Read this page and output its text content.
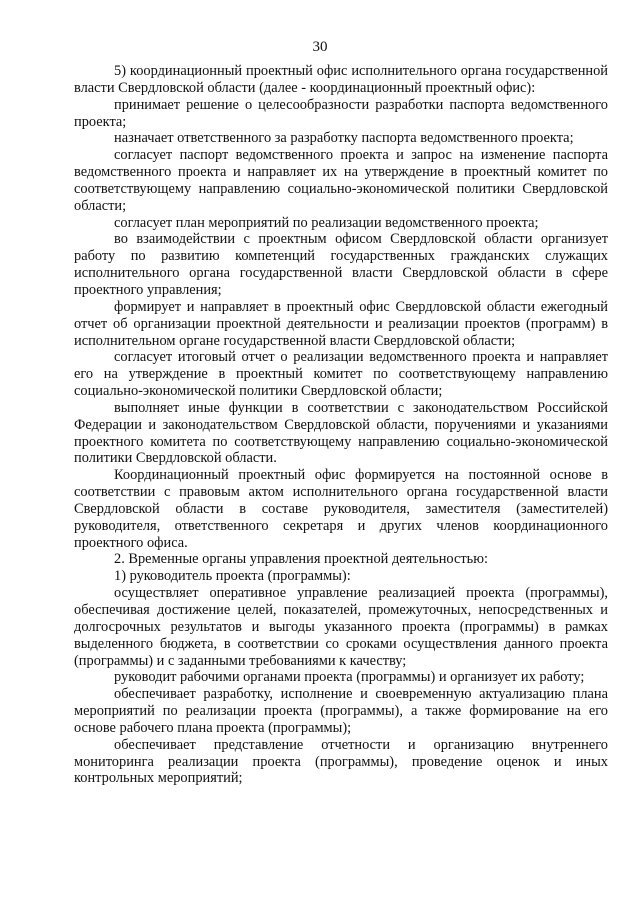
30

5) координационный проектный офис исполнительного органа государственной власти Свердловской области (далее - координационный проектный офис):

принимает решение о целесообразности разработки паспорта ведомственного проекта;

назначает ответственного за разработку паспорта ведомственного проекта;

согласует паспорт ведомственного проекта и запрос на изменение паспорта ведомственного проекта и направляет их на утверждение в проектный комитет по соответствующему направлению социально-экономической политики Свердловской области;

согласует план мероприятий по реализации ведомственного проекта;

во взаимодействии с проектным офисом Свердловской области организует работу по развитию компетенций государственных гражданских служащих исполнительного органа государственной власти Свердловской области в сфере проектного управления;

формирует и направляет в проектный офис Свердловской области ежегодный отчет об организации проектной деятельности и реализации проектов (программ) в исполнительном органе государственной власти Свердловской области;

согласует итоговый отчет о реализации ведомственного проекта и направляет его на утверждение в проектный комитет по соответствующему направлению социально-экономической политики Свердловской области;

выполняет иные функции в соответствии с законодательством Российской Федерации и законодательством Свердловской области, поручениями и указаниями проектного комитета по соответствующему направлению социально-экономической политики Свердловской области.

Координационный проектный офис формируется на постоянной основе в соответствии с правовым актом исполнительного органа государственной власти Свердловской области в составе руководителя, заместителя (заместителей) руководителя, ответственного секретаря и других членов координационного проектного офиса.

2. Временные органы управления проектной деятельностью:

1) руководитель проекта (программы):

осуществляет оперативное управление реализацией проекта (программы), обеспечивая достижение целей, показателей, промежуточных, непосредственных и долгосрочных результатов и выгоды указанного проекта (программы) в рамках выделенного бюджета, в соответствии со сроками осуществления данного проекта (программы) и с заданными требованиями к качеству;

руководит рабочими органами проекта (программы) и организует их работу;

обеспечивает разработку, исполнение и своевременную актуализацию плана мероприятий по реализации проекта (программы), а также формирование на его основе рабочего плана проекта (программы);

обеспечивает представление отчетности и организацию внутреннего мониторинга реализации проекта (программы), проведение оценок и иных контрольных мероприятий;
